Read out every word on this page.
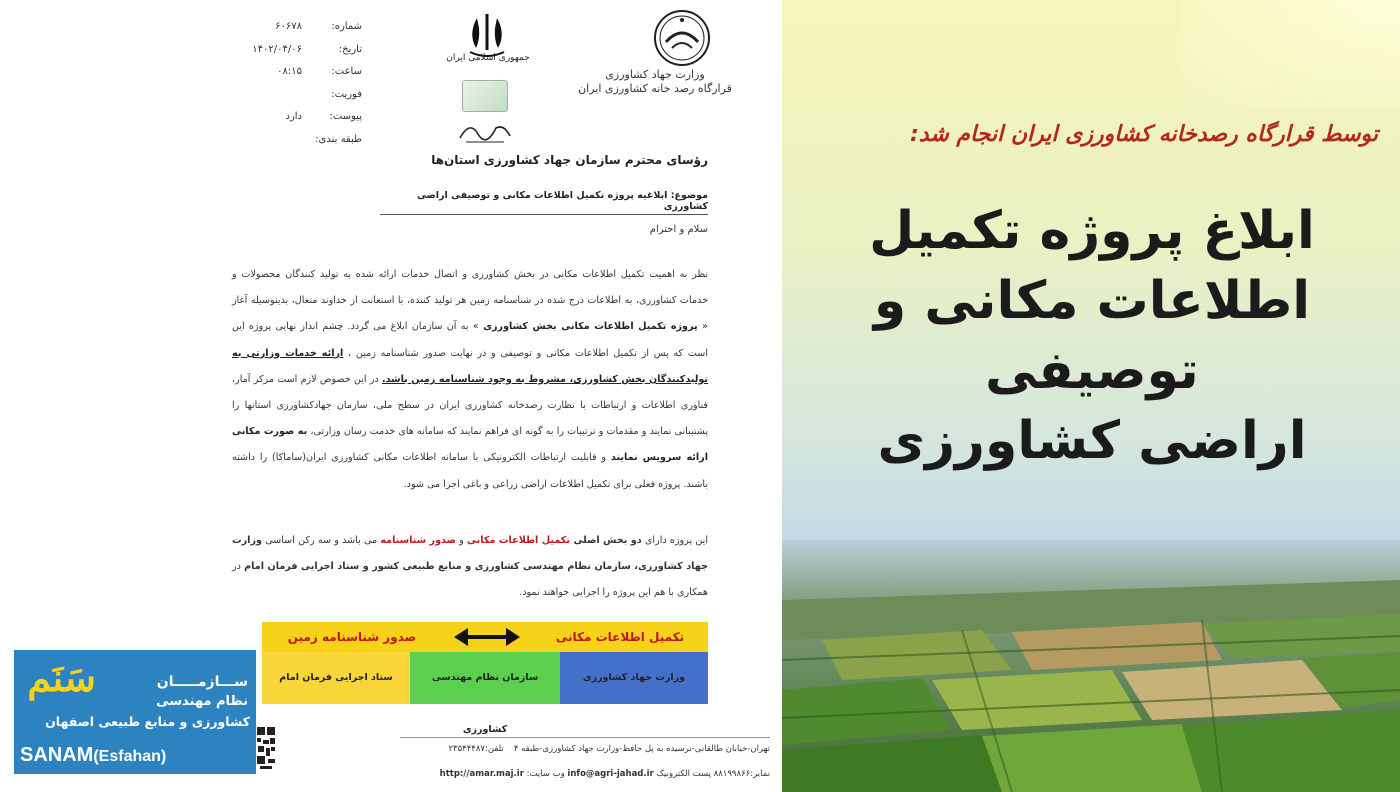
وزارت جهاد کشاورزی
قرارگاه رصد خانه کشاورزی ایران
جمهوری اسلامی ایران
شماره:
۶۰۶۷۸
تاریخ:
۱۴۰۲/۰۴/۰۶
ساعت:
۰۸:۱۵
فوریت:
پیوست:
دارد
طبقه بندی:
رؤسای محترم سازمان جهاد کشاورزی استان‌ها
موضوع: ابلاغیه پروژه تکمیل اطلاعات مکانی و توصیفی اراضی کشاورزی
سلام و احترام
نظر به اهمیت تکمیل اطلاعات مکانی در بخش کشاورزی و اتصال خدمات ارائه شده به تولید کنندگان محصولات و خدمات کشاورزی، به اطلاعات درج شده در شناسنامه زمین هر تولید کننده، با استعانت از خداوند متعال، بدینوسیله آغاز « پروژه تکمیل اطلاعات مکانی بخش کشاورزی » به آن سازمان ابلاغ می گردد. چشم انداز نهایی پروژه این است که پس از تکمیل اطلاعات مکانی و توصیفی و در نهایت صدور شناسنامه زمین ، ارائه خدمات وزارتی به تولیدکنندگان بخش کشاورزی، مشروط به وجود شناسنامه زمین باشد. در این خصوص لازم است مرکز آمار، فناوری اطلاعات و ارتباطات با نظارت رصدخانه کشاورزی ایران در سطح ملی، سازمان جهادکشاورزی استانها را پشتیبانی نمایند و مقدمات و ترتیبات را به گونه ای فراهم نمایند که سامانه های خدمت رسان وزارتی، به صورت مکانی ارائه سرویس نمایند و قابلیت ارتباطات الکترونیکی با سامانه اطلاعات مکانی کشاورزی ایران(ساماکا) را داشته باشند. پروژه فعلی برای تکمیل اطلاعات اراضی زراعی و باغی اجرا می شود.
این پروژه دارای دو بخش اصلی تکمیل اطلاعات مکانی و صدور شناسنامه می باشد و سه رکن اساسی وزارت جهاد کشاورزی، سازمان نظام مهندسی کشاورزی و منابع طبیعی کشور و ستاد اجرایی فرمان امام در همکاری با هم این پروژه را اجرایی خواهند نمود.
صدور شناسنامه زمین	تکمیل اطلاعات مکانی
ستاد اجرایی فرمان امام	سازمان نظام مهندسی کشاورزی
وزارت جهاد کشاورزی
تهران-خیابان طالقانی-نرسیده به پل حافظ-وزارت جهاد کشاورزی-طبقه ۴
تلفن:۲۳۵۴۴۴۸۷
نمابر:۸۸۱۹۹۸۶۶ پست الکترونیک info@agri-jahad.ir وب سایت: http://amar.maj.ir
سَنَم	ســـازمـــــان
نظام مهندسی
کشاورزی و منابع طبیعی اصفهان
SANAM(Esfahan)
توسط قرارگاه رصدخانه کشاورزی ایران انجام شد:
ابلاغ پروژه تکمیل
اطلاعات مکانی و توصیفی
اراضی کشاورزی
